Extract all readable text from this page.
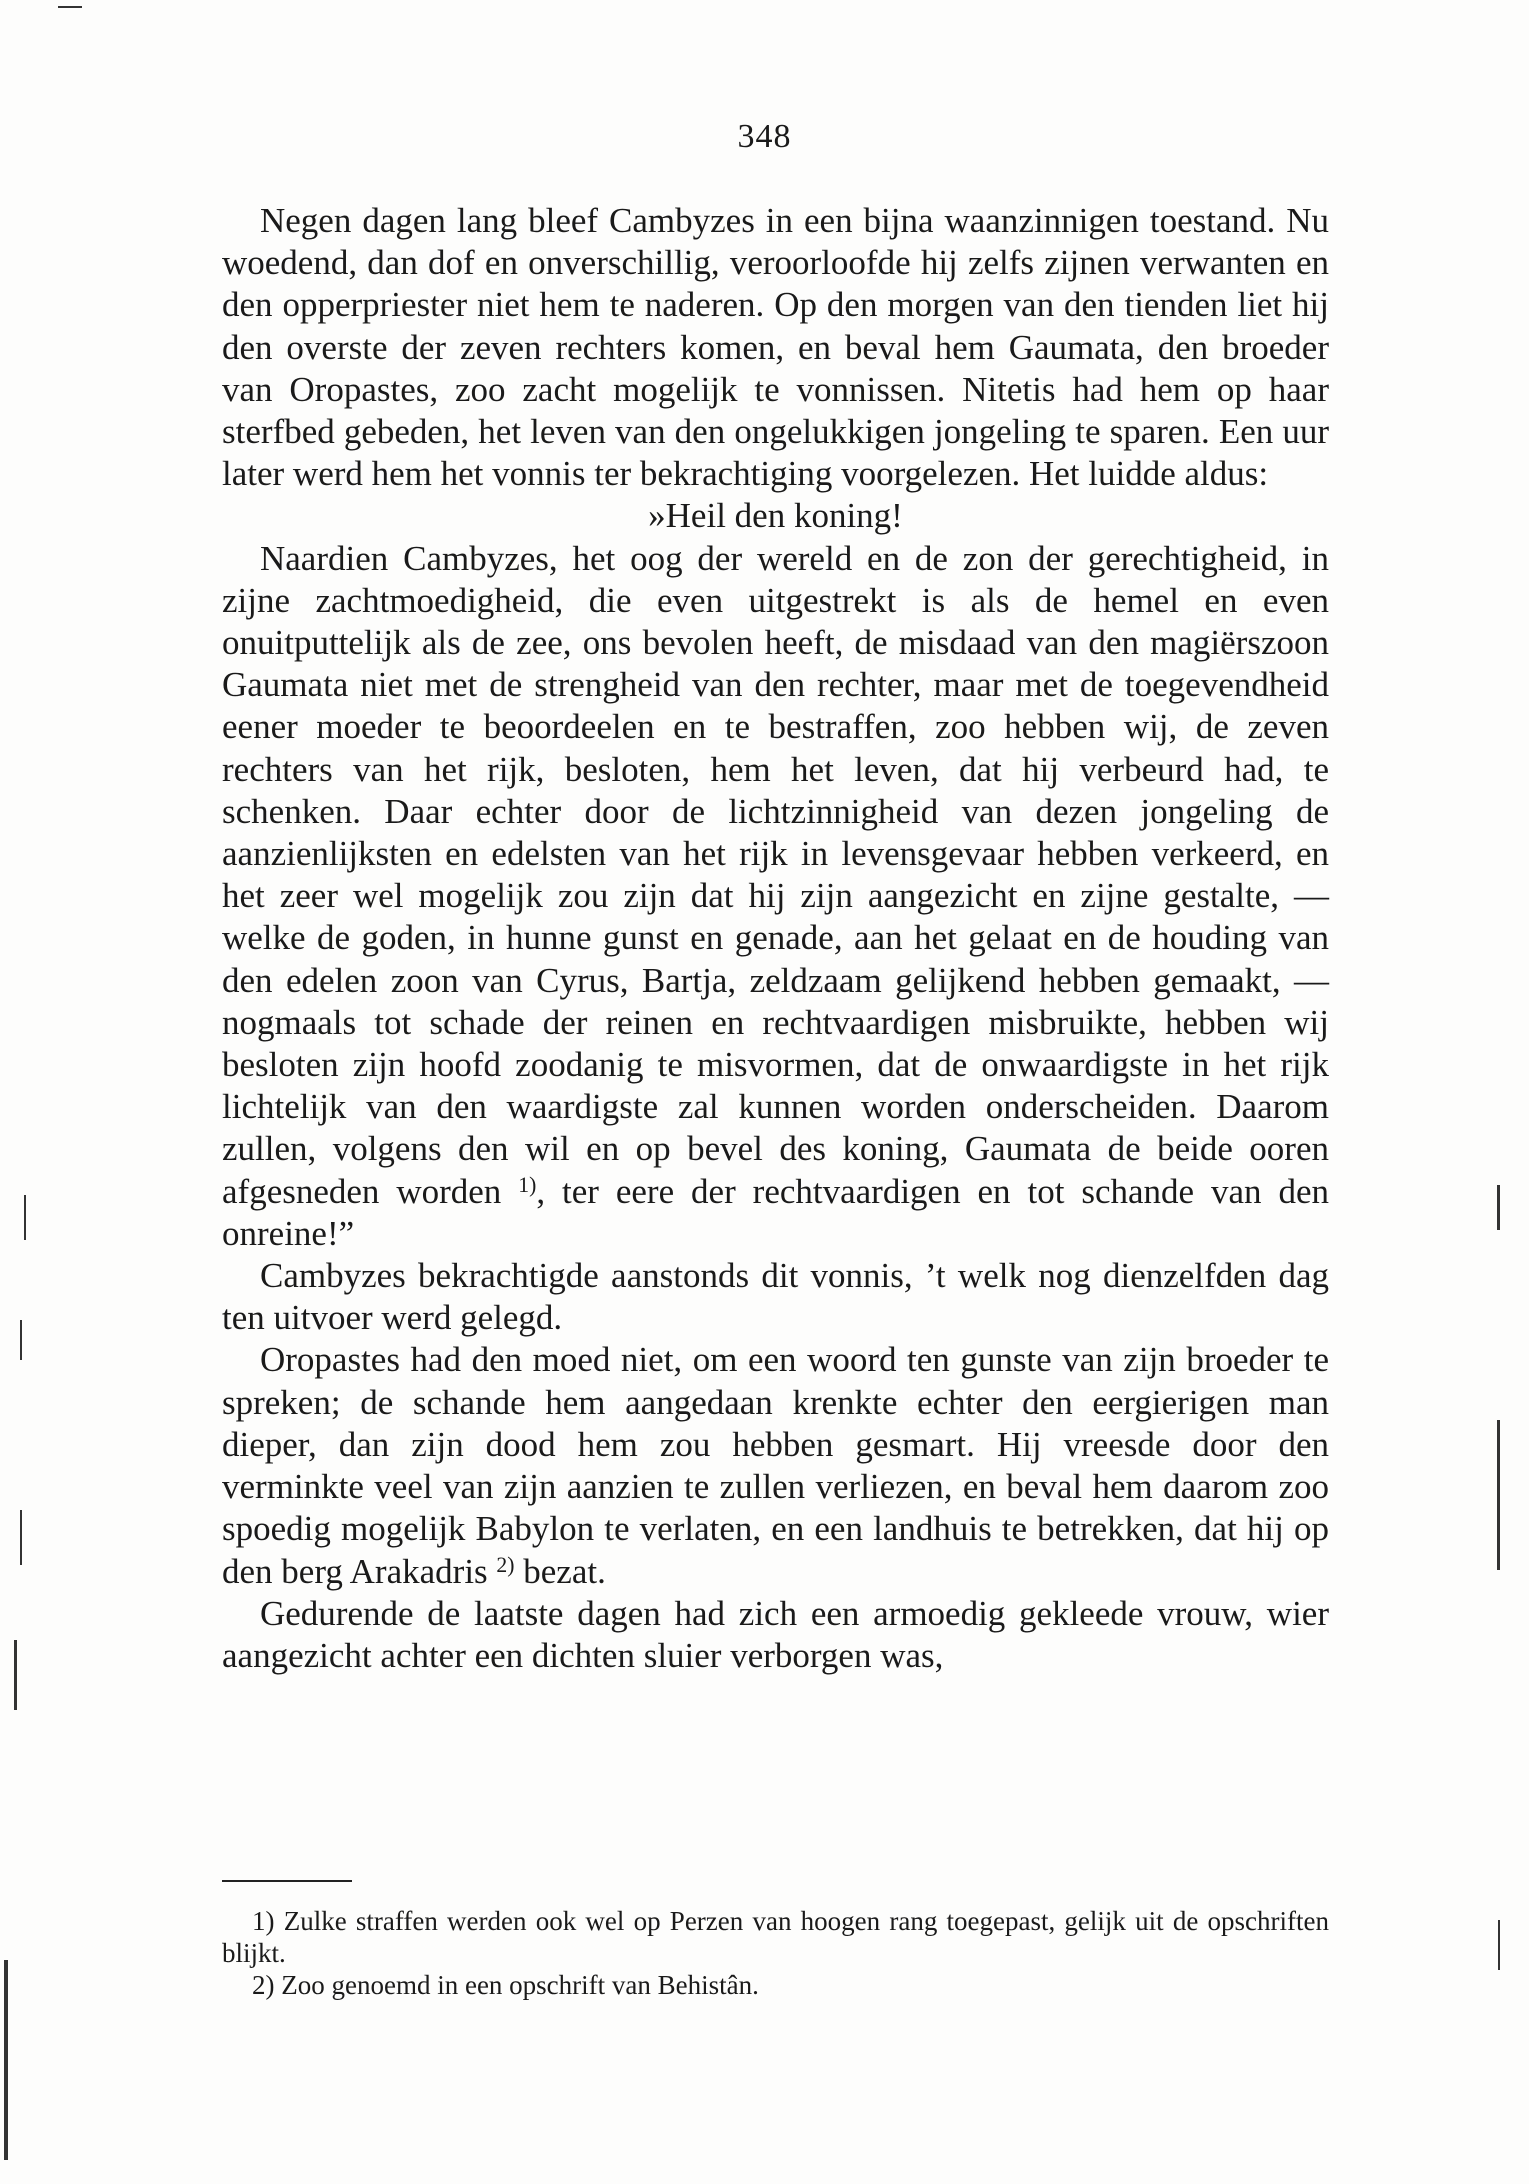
348

Negen dagen lang bleef Cambyzes in een bijna waanzinnigen toestand. Nu woedend, dan dof en onverschillig, veroorloofde hij zelfs zijnen verwanten en den opperpriester niet hem te naderen. Op den morgen van den tienden liet hij den overste der zeven rechters komen, en beval hem Gaumata, den broeder van Oropastes, zoo zacht mogelijk te vonnissen. Nitetis had hem op haar sterfbed gebeden, het leven van den ongelukkigen jongeling te sparen. Een uur later werd hem het vonnis ter bekrachtiging voorgelezen. Het luidde aldus:

»Heil den koning!

Naardien Cambyzes, het oog der wereld en de zon der gerechtigheid, in zijne zachtmoedigheid, die even uitgestrekt is als de hemel en even onuitputtelijk als de zee, ons bevolen heeft, de misdaad van den magiërszoon Gaumata niet met de strengheid van den rechter, maar met de toegevendheid eener moeder te beoordeelen en te bestraffen, zoo hebben wij, de zeven rechters van het rijk, besloten, hem het leven, dat hij verbeurd had, te schenken. Daar echter door de lichtzinnigheid van dezen jongeling de aanzienlijksten en edelsten van het rijk in levensgevaar hebben verkeerd, en het zeer wel mogelijk zou zijn dat hij zijn aangezicht en zijne gestalte, — welke de goden, in hunne gunst en genade, aan het gelaat en de houding van den edelen zoon van Cyrus, Bartja, zeldzaam gelijkend hebben gemaakt, — nogmaals tot schade der reinen en rechtvaardigen misbruikte, hebben wij besloten zijn hoofd zoodanig te misvormen, dat de onwaardigste in het rijk lichtelijk van den waardigste zal kunnen worden onderscheiden. Daarom zullen, volgens den wil en op bevel des koning, Gaumata de beide ooren afgesneden worden $^{1)}$, ter eere der rechtvaardigen en tot schande van den onreine!”

Cambyzes bekrachtigde aanstonds dit vonnis, ’t welk nog dienzelfden dag ten uitvoer werd gelegd.

Oropastes had den moed niet, om een woord ten gunste van zijn broeder te spreken; de schande hem aangedaan krenkte echter den eergierigen man dieper, dan zijn dood hem zou hebben gesmart. Hij vreesde door den verminkte veel van zijn aanzien te zullen verliezen, en beval hem daarom zoo spoedig mogelijk Babylon te verlaten, en een landhuis te betrekken, dat hij op den berg Arakadris $^{2)}$ bezat.

Gedurende de laatste dagen had zich een armoedig gekleede vrouw, wier aangezicht achter een dichten sluier verborgen was,

1) Zulke straffen werden ook wel op Perzen van hoogen rang toegepast, gelijk uit de opschriften blijkt.

2) Zoo genoemd in een opschrift van Behistân.
